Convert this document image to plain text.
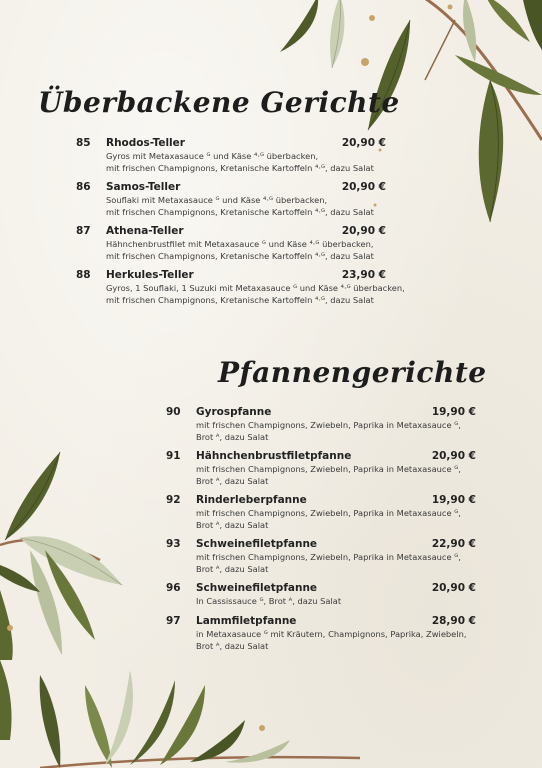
Überbackene Gerichte
85 Rhodos-Teller	20,90 €
Gyros mit Metaxasauce ᴳ und Käse ⁴·ᴳ überbacken,
mit frischen Champignons, Kretanische Kartoffeln ⁴·ᴳ, dazu Salat
86 Samos-Teller	20,90 €
Souflaki mit Metaxasauce ᴳ und Käse ⁴·ᴳ überbacken,
mit frischen Champignons, Kretanische Kartoffeln ⁴·ᴳ, dazu Salat
87 Athena-Teller	20,90 €
Hähnchenbrustfilet mit Metaxasauce ᴳ und Käse ⁴·ᴳ überbacken,
mit frischen Champignons, Kretanische Kartoffeln ⁴·ᴳ, dazu Salat
88 Herkules-Teller	23,90 €
Gyros, 1 Souflaki, 1 Suzuki mit Metaxasauce ᴳ und Käse ⁴·ᴳ überbacken,
mit frischen Champignons, Kretanische Kartoffeln ⁴·ᴳ, dazu Salat
Pfannengerichte
90 Gyrospfanne	19,90 €
mit frischen Champignons, Zwiebeln, Paprika in Metaxasauce ᴳ,
Brot ᴬ, dazu Salat
91 Hähnchenbrustfiletpfanne	20,90 €
mit frischen Champignons, Zwiebeln, Paprika in Metaxasauce ᴳ,
Brot ᴬ, dazu Salat
92 Rinderleberpfanne	19,90 €
mit frischen Champignons, Zwiebeln, Paprika in Metaxasauce ᴳ,
Brot ᴬ, dazu Salat
93 Schweinefiletpfanne	22,90 €
mit frischen Champignons, Zwiebeln, Paprika in Metaxasauce ᴳ,
Brot ᴬ, dazu Salat
96 Schweinefiletpfanne	20,90 €
In Cassissauce ᴳ, Brot ᴬ, dazu Salat
97 Lammfiletpfanne	28,90 €
in Metaxasauce ᴳ mit Kräutern, Champignons, Paprika, Zwiebeln,
Brot ᴬ, dazu Salat
